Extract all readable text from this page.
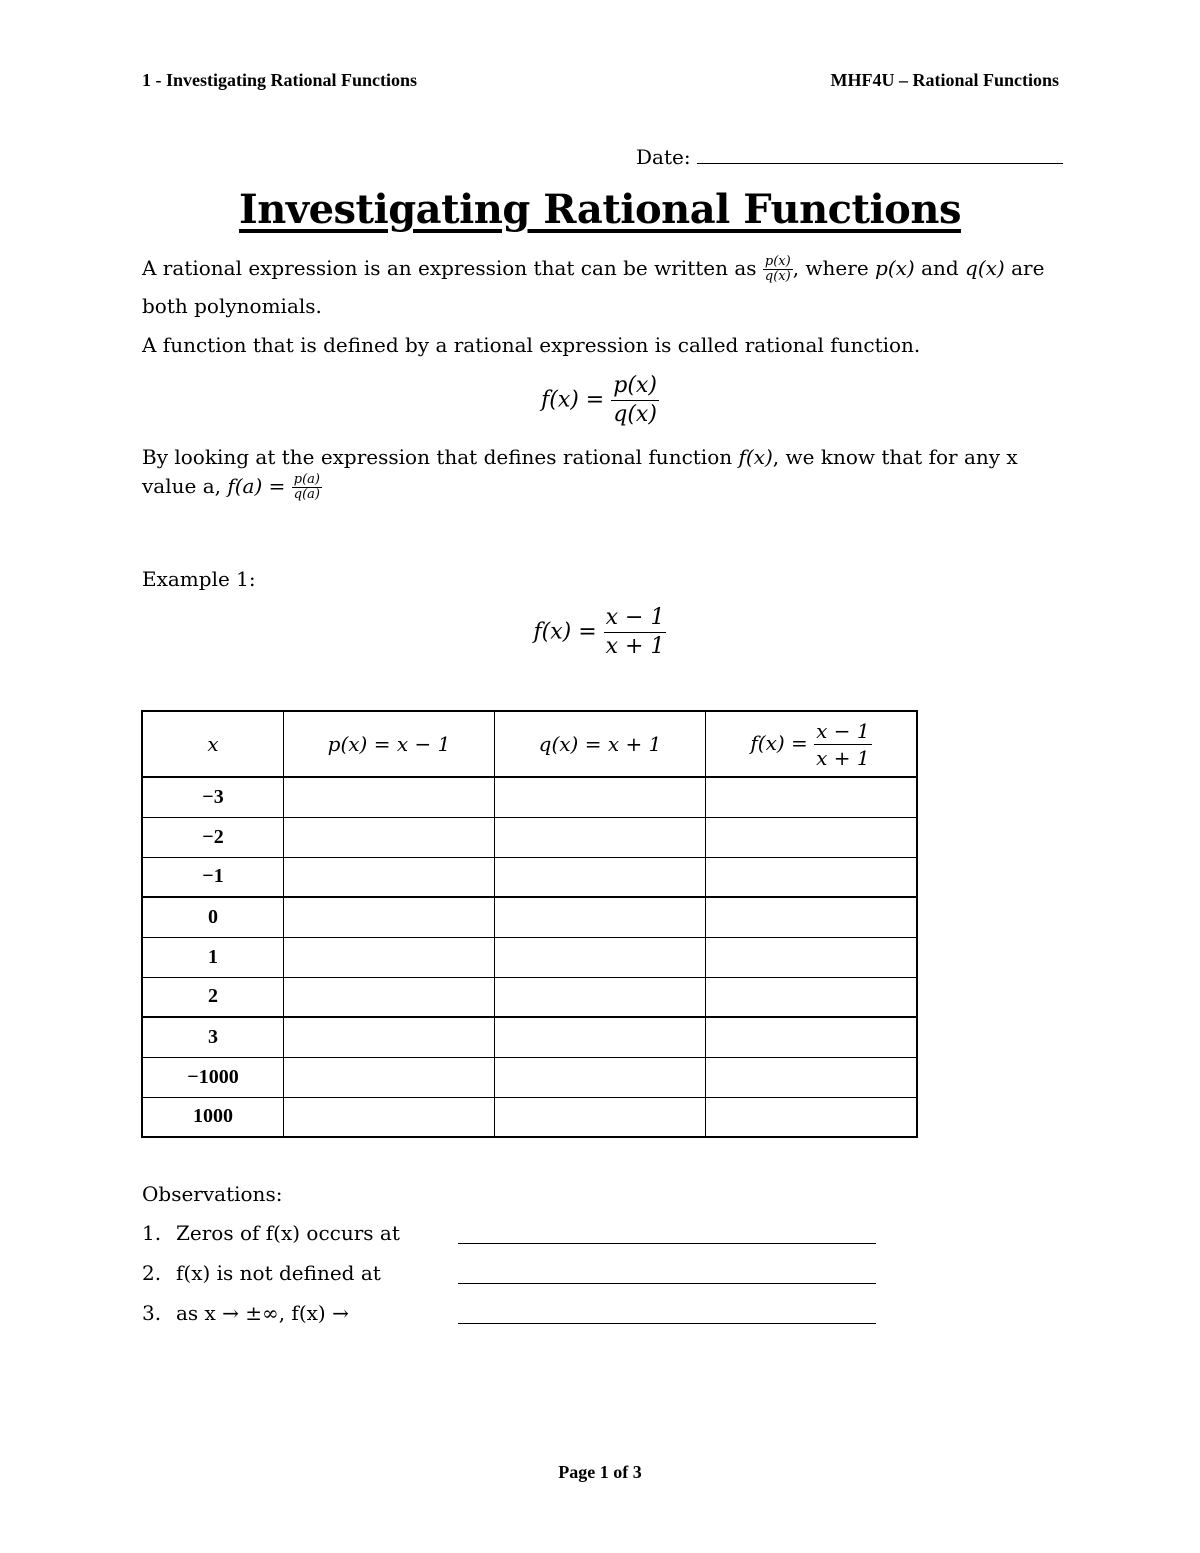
1 - Investigating Rational Functions	MHF4U – Rational Functions
Date:
Investigating Rational Functions
A rational expression is an expression that can be written as $\frac{p(x)}{q(x)}$ , where p(x) and q(x) are
both polynomials.
A function that is defined by a rational expression is called rational function.
$f(x) = \frac{p(x)}{q(x)}$
By looking at the expression that defines rational function f(x), we know that for any x
value a, $f(a) = \frac{p(a)}{q(a)}$
Example 1:
$f(x) = \frac{x - 1}{x + 1}$
x	p(x) = x − 1	q(x) = x + 1	$f(x) = \frac{x - 1}{x + 1}$

−3			
−2			
−1			
0			
1			
2			
3			
−1000			
1000			
Observations:
1. Zeros of f(x) occurs at
2. f(x) is not defined at
3. as x → ±∞, f(x) →
Page 1 of 3
